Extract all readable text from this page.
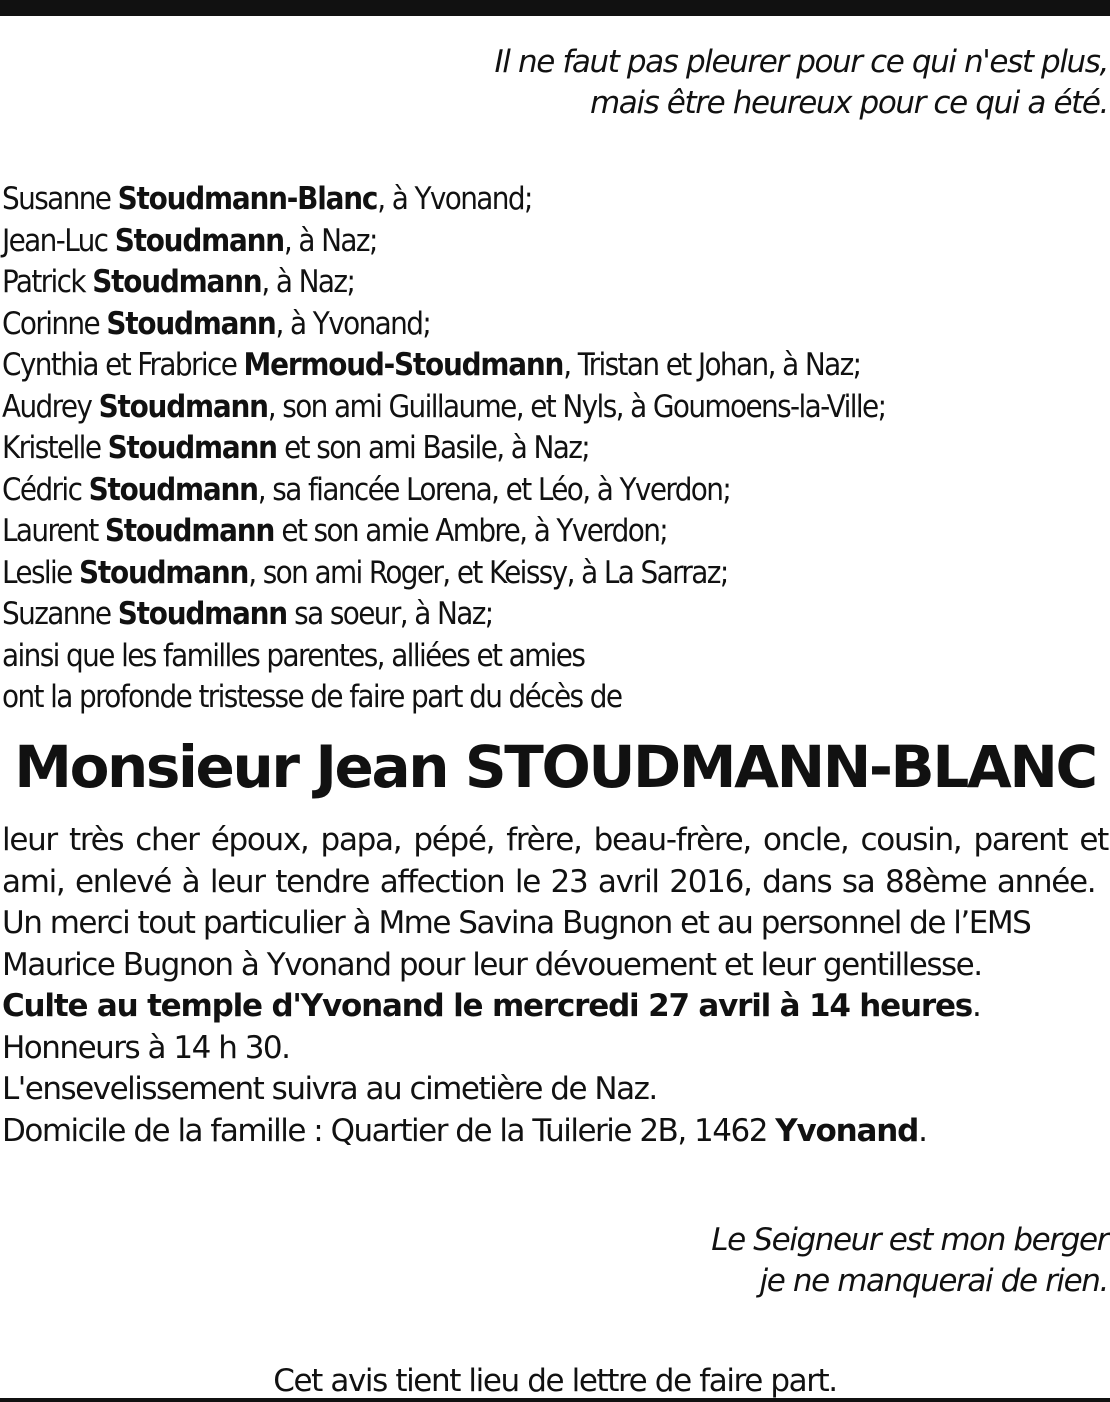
Il ne faut pas pleurer pour ce qui n'est plus,
mais être heureux pour ce qui a été.
Susanne Stoudmann-Blanc, à Yvonand;
Jean-Luc Stoudmann, à Naz;
Patrick Stoudmann, à Naz;
Corinne Stoudmann, à Yvonand;
Cynthia et Frabrice Mermoud-Stoudmann, Tristan et Johan, à Naz;
Audrey Stoudmann, son ami Guillaume, et Nyls, à Goumoens-la-Ville;
Kristelle Stoudmann et son ami Basile, à Naz;
Cédric Stoudmann, sa fiancée Lorena, et Léo, à Yverdon;
Laurent Stoudmann et son amie Ambre, à Yverdon;
Leslie Stoudmann, son ami Roger, et Keissy, à La Sarraz;
Suzanne Stoudmann sa soeur, à Naz;
ainsi que les familles parentes, alliées et amies
ont la profonde tristesse de faire part du décès de
Monsieur Jean STOUDMANN-BLANC
leur très cher époux, papa, pépé, frère, beau-frère, oncle, cousin, parent et ami, enlevé à leur tendre affection le 23 avril 2016, dans sa 88ème année.
Un merci tout particulier à Mme Savina Bugnon et au personnel de l’EMS
Maurice Bugnon à Yvonand pour leur dévouement et leur gentillesse.
Culte au temple d'Yvonand le mercredi 27 avril à 14 heures.
Honneurs à 14 h 30.
L'ensevelissement suivra au cimetière de Naz.
Domicile de la famille : Quartier de la Tuilerie 2B, 1462 Yvonand.
Le Seigneur est mon berger
je ne manquerai de rien.
Cet avis tient lieu de lettre de faire part.
